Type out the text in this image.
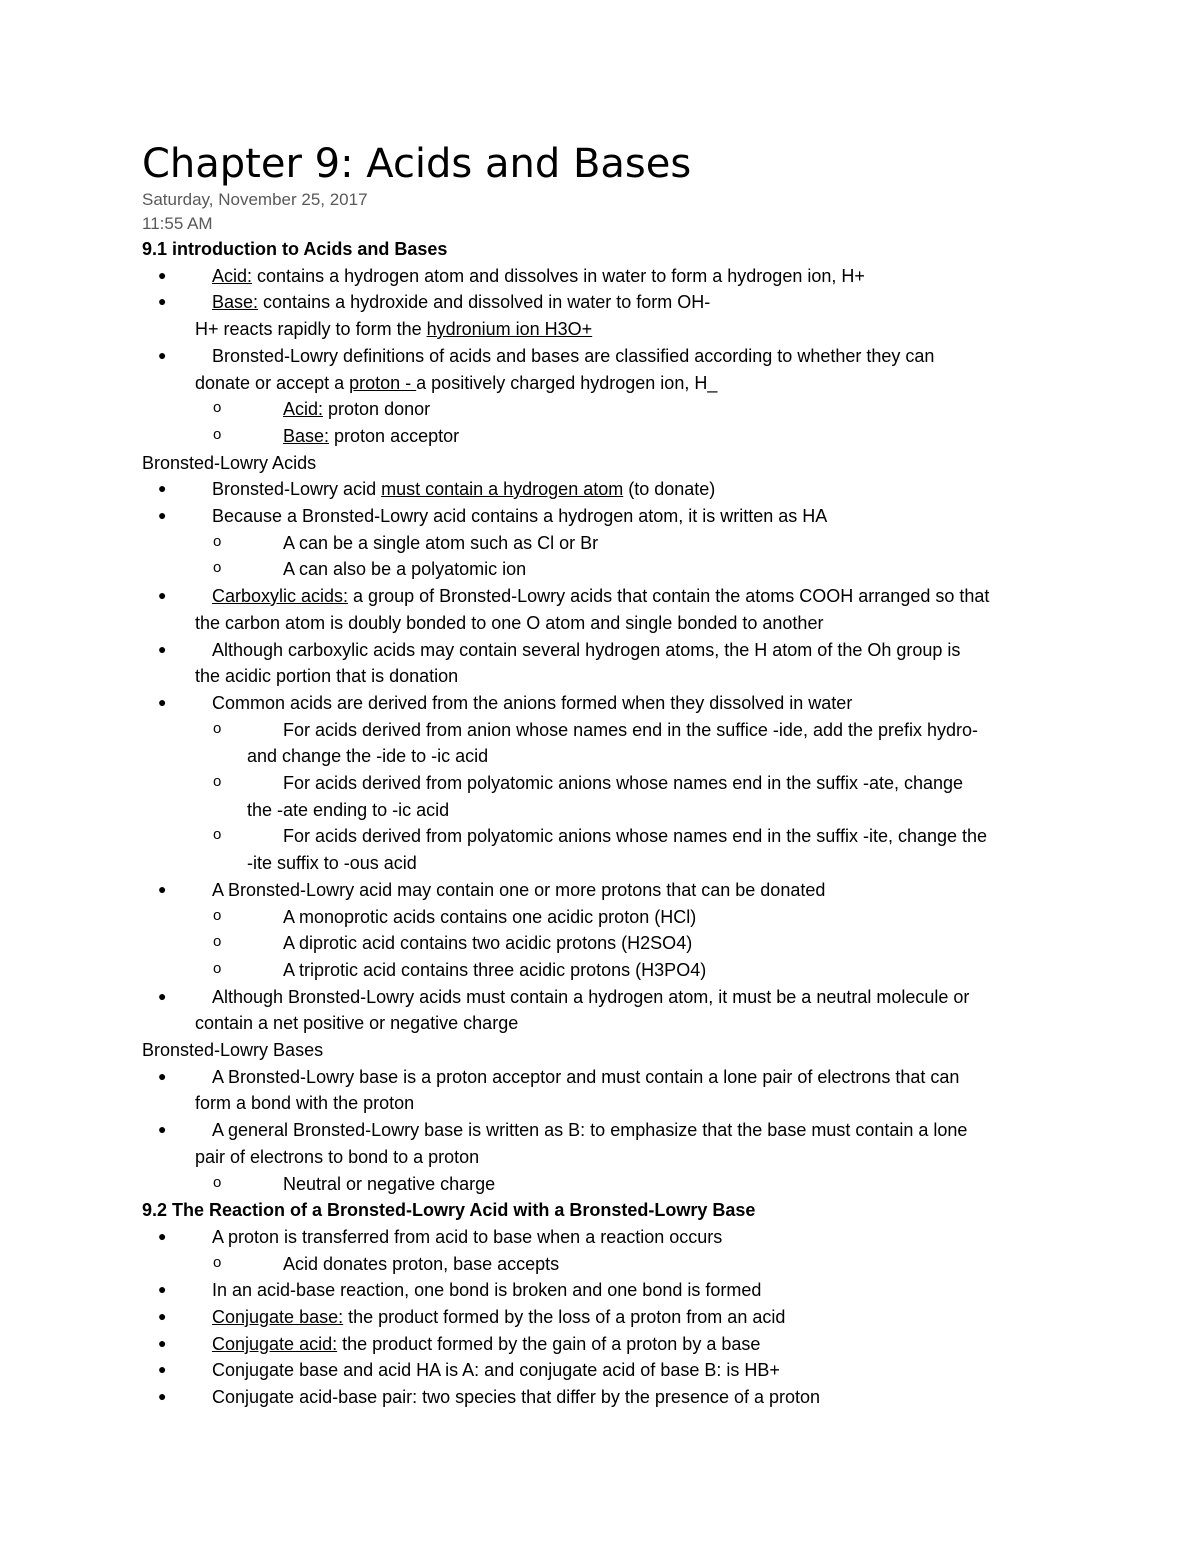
Chapter 9: Acids and Bases
Saturday, November 25, 2017
11:55 AM
9.1 introduction to Acids and Bases
Acid: contains a hydrogen atom and dissolves in water to form a hydrogen ion, H+
●
Base: contains a hydroxide and dissolved in water to form OH-
●
H+ reacts rapidly to form the hydronium ion H3O+
Bronsted-Lowry definitions of acids and bases are classified according to whether they can
●
donate or accept a proton - a positively charged hydrogen ion, H_
Acid: proton donor
o
Base: proton acceptor
o
Bronsted-Lowry Acids
Bronsted-Lowry acid must contain a hydrogen atom (to donate)
●
Because a Bronsted-Lowry acid contains a hydrogen atom, it is written as HA
●
A can be a single atom such as Cl or Br
o
A can also be a polyatomic ion
o
Carboxylic acids: a group of Bronsted-Lowry acids that contain the atoms COOH arranged so that
●
the carbon atom is doubly bonded to one O atom and single bonded to another
Although carboxylic acids may contain several hydrogen atoms, the H atom of the Oh group is
●
the acidic portion that is donation
Common acids are derived from the anions formed when they dissolved in water
●
For acids derived from anion whose names end in the suffice -ide, add the prefix hydro-
o
and change the -ide to -ic acid
For acids derived from polyatomic anions whose names end in the suffix -ate, change
o
the -ate ending to -ic acid
For acids derived from polyatomic anions whose names end in the suffix -ite, change the
o
-ite suffix to -ous acid
A Bronsted-Lowry acid may contain one or more protons that can be donated
●
A monoprotic acids contains one acidic proton (HCl)
o
A diprotic acid contains two acidic protons (H2SO4)
o
A triprotic acid contains three acidic protons (H3PO4)
o
Although Bronsted-Lowry acids must contain a hydrogen atom, it must be a neutral molecule or
●
contain a net positive or negative charge
Bronsted-Lowry Bases
A Bronsted-Lowry base is a proton acceptor and must contain a lone pair of electrons that can
●
form a bond with the proton
A general Bronsted-Lowry base is written as B: to emphasize that the base must contain a lone
●
pair of electrons to bond to a proton
Neutral or negative charge
o
9.2 The Reaction of a Bronsted-Lowry Acid with a Bronsted-Lowry Base
A proton is transferred from acid to base when a reaction occurs
●
Acid donates proton, base accepts
o
In an acid-base reaction, one bond is broken and one bond is formed
●
Conjugate base: the product formed by the loss of a proton from an acid
●
Conjugate acid: the product formed by the gain of a proton by a base
●
Conjugate base and acid HA is A: and conjugate acid of base B: is HB+
●
Conjugate acid-base pair: two species that differ by the presence of a proton
●
